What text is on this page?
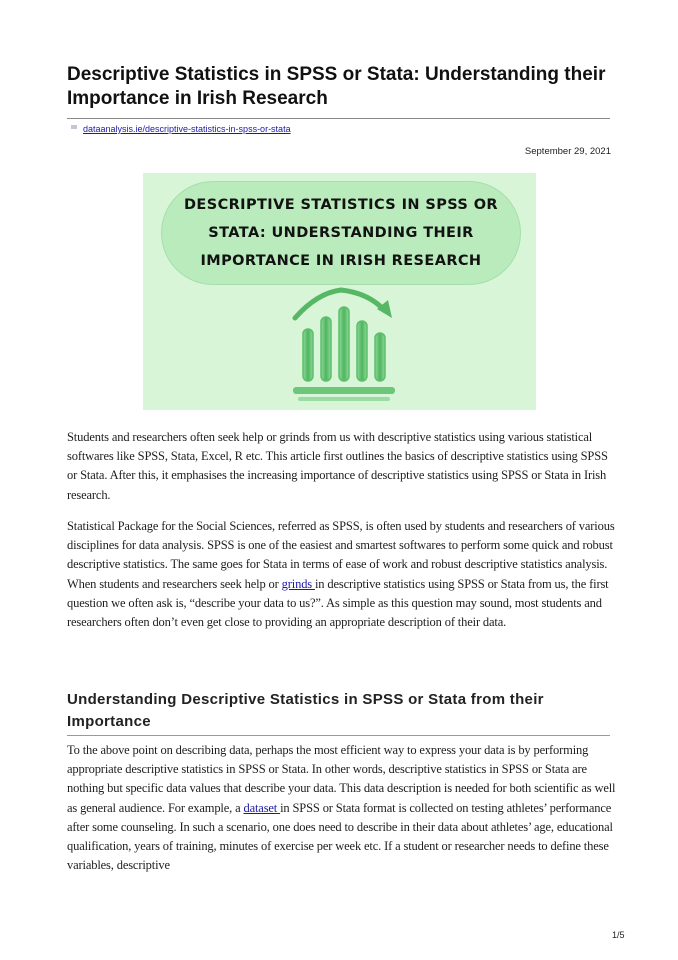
Descriptive Statistics in SPSS or Stata: Understanding their Importance in Irish Research
dataanalysis.ie/descriptive-statistics-in-spss-or-stata
September 29, 2021
DESCRIPTIVE STATISTICS IN SPSS OR
STATA: UNDERSTANDING THEIR
IMPORTANCE IN IRISH RESEARCH

Students and researchers often seek help or grinds from us with descriptive statistics using various statistical softwares like SPSS, Stata, Excel, R etc. This article first outlines the basics of descriptive statistics using SPSS or Stata. After this, it emphasises the increasing importance of descriptive statistics using SPSS or Stata in Irish research.

Statistical Package for the Social Sciences, referred as SPSS, is often used by students and researchers of various disciplines for data analysis. SPSS is one of the easiest and smartest softwares to perform some quick and robust descriptive statistics. The same goes for Stata in terms of ease of work and robust descriptive statistics analysis. When students and researchers seek help or grinds in descriptive statistics using SPSS or Stata from us, the first question we often ask is, “describe your data to us?”. As simple as this question may sound, most students and researchers often don’t even get close to providing an appropriate description of their data.

Understanding Descriptive Statistics in SPSS or Stata from their Importance

To the above point on describing data, perhaps the most efficient way to express your data is by performing appropriate descriptive statistics in SPSS or Stata. In other words, descriptive statistics in SPSS or Stata are nothing but specific data values that describe your data. This data description is needed for both scientific as well as general audience. For example, a dataset in SPSS or Stata format is collected on testing athletes’ performance after some counseling. In such a scenario, one does need to describe in their data about athletes’ age, educational qualification, years of training, minutes of exercise per week etc. If a student or researcher needs to define these variables, descriptive

1/5
